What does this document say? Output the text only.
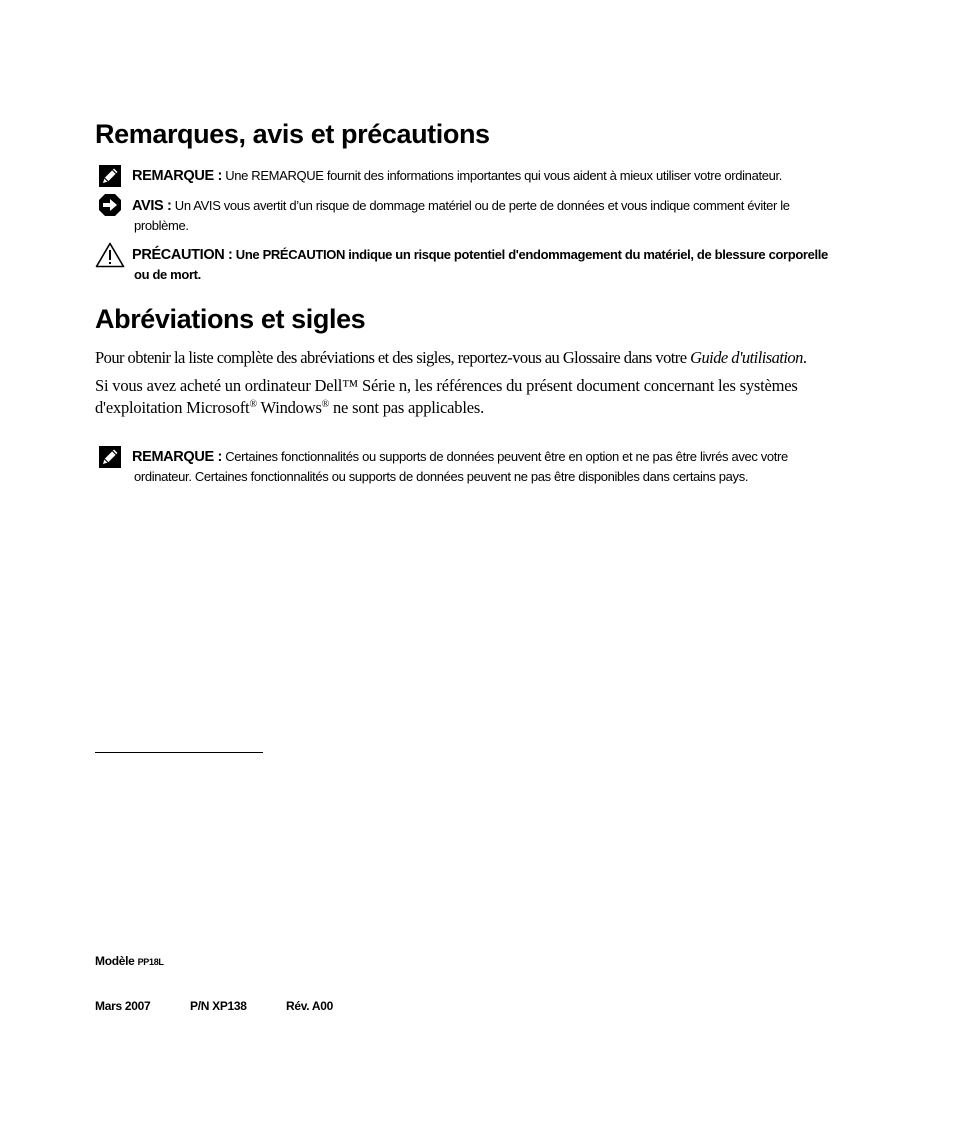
Remarques, avis et précautions
REMARQUE : Une REMARQUE fournit des informations importantes qui vous aident à mieux utiliser votre ordinateur.
AVIS : Un AVIS vous avertit d’un risque de dommage matériel ou de perte de données et vous indique comment éviter le
problème.
PRÉCAUTION : Une PRÉCAUTION indique un risque potentiel d'endommagement du matériel, de blessure corporelle
ou de mort.
Abréviations et sigles
Pour obtenir la liste complète des abréviations et des sigles, reportez-vous au Glossaire dans votre Guide d'utilisation.
Si vous avez acheté un ordinateur Dell™ Série n, les références du présent document concernant les systèmes
d'exploitation Microsoft® Windows® ne sont pas applicables.
REMARQUE : Certaines fonctionnalités ou supports de données peuvent être en option et ne pas être livrés avec votre
ordinateur. Certaines fonctionnalités ou supports de données peuvent ne pas être disponibles dans certains pays.
Modèle PP18L
Mars 2007	P/N XP138	Rév. A00
